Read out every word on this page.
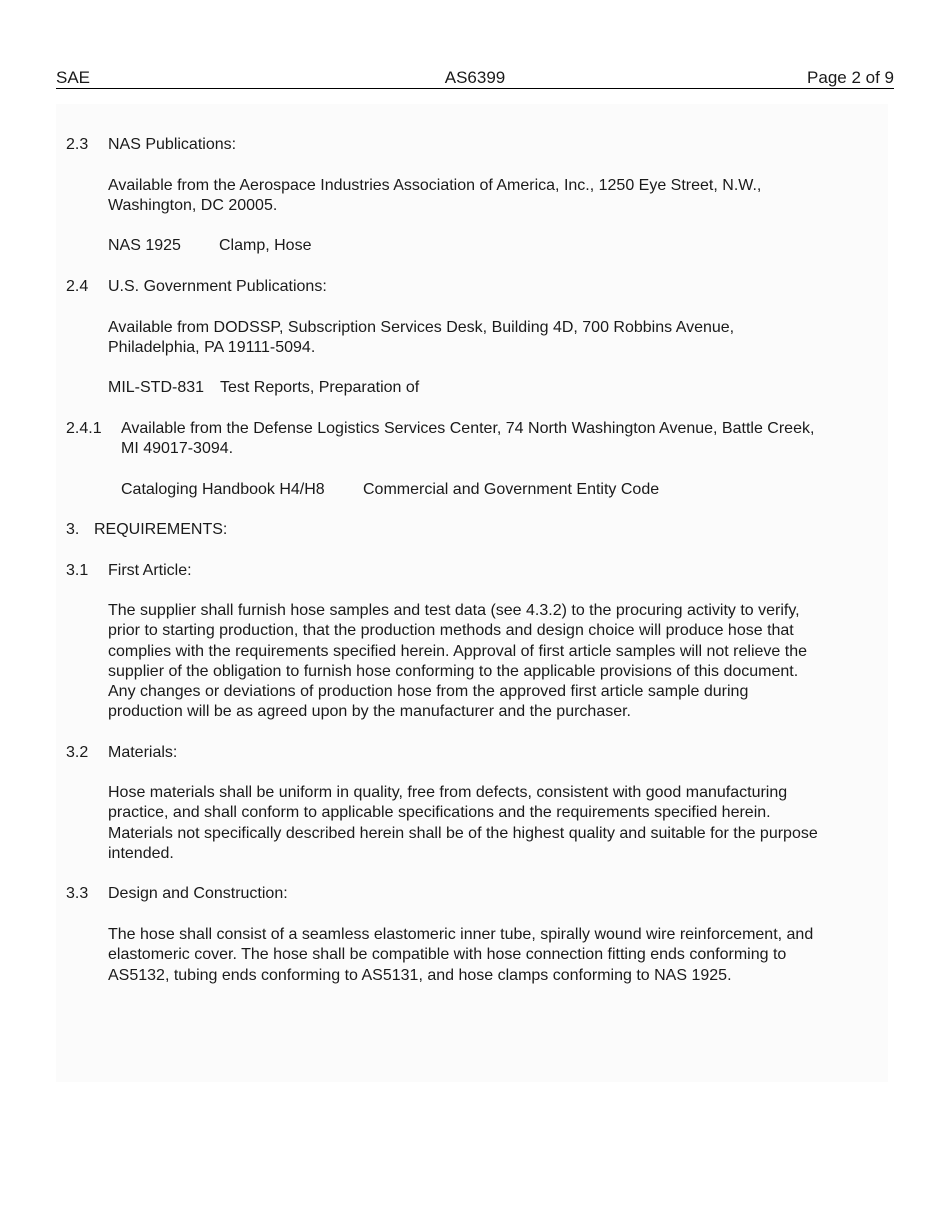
SAE	AS6399	Page 2 of 9
2.3 NAS Publications:
Available from the Aerospace Industries Association of America, Inc., 1250 Eye Street, N.W.,
Washington, DC 20005.
NAS 1925 Clamp, Hose
2.4 U.S. Government Publications:
Available from DODSSP, Subscription Services Desk, Building 4D, 700 Robbins Avenue,
Philadelphia, PA 19111-5094.
MIL-STD-831 Test Reports, Preparation of
2.4.1 Available from the Defense Logistics Services Center, 74 North Washington Avenue, Battle Creek,
MI 49017-3094.
Cataloging Handbook H4/H8 Commercial and Government Entity Code
3. REQUIREMENTS:
3.1 First Article:
The supplier shall furnish hose samples and test data (see 4.3.2) to the procuring activity to verify,
prior to starting production, that the production methods and design choice will produce hose that
complies with the requirements specified herein. Approval of first article samples will not relieve the
supplier of the obligation to furnish hose conforming to the applicable provisions of this document.
Any changes or deviations of production hose from the approved first article sample during
production will be as agreed upon by the manufacturer and the purchaser.
3.2 Materials:
Hose materials shall be uniform in quality, free from defects, consistent with good manufacturing
practice, and shall conform to applicable specifications and the requirements specified herein.
Materials not specifically described herein shall be of the highest quality and suitable for the purpose
intended.
3.3 Design and Construction:
The hose shall consist of a seamless elastomeric inner tube, spirally wound wire reinforcement, and
elastomeric cover. The hose shall be compatible with hose connection fitting ends conforming to
AS5132, tubing ends conforming to AS5131, and hose clamps conforming to NAS 1925.
